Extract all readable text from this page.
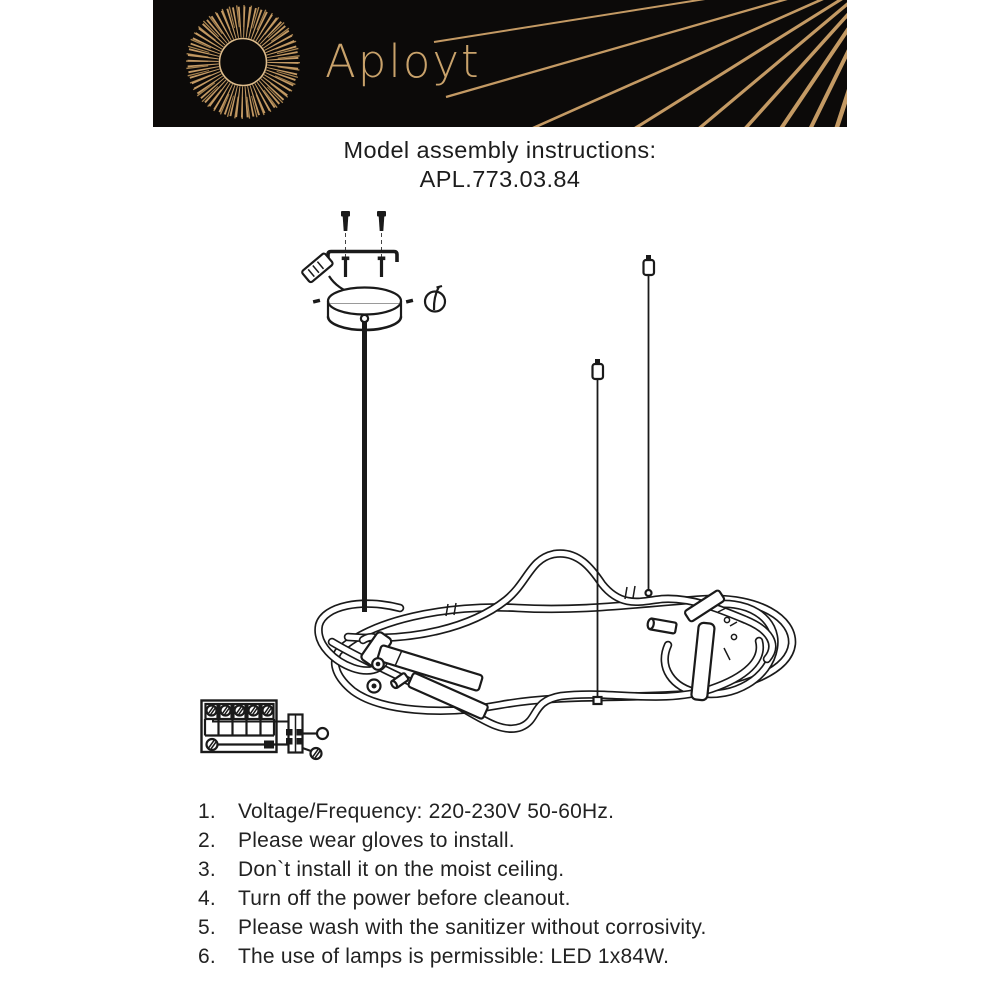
Aployt
Model assembly instructions:
APL.773.03.84
1.	Voltage/Frequency: 220-230V 50-60Hz.
2.	Please wear gloves to install.
3.	Don`t install it on the moist ceiling.
4.	Turn off the power before cleanout.
5.	Please wash with the sanitizer without corrosivity.
6.	The use of lamps is permissible: LED 1x84W.
